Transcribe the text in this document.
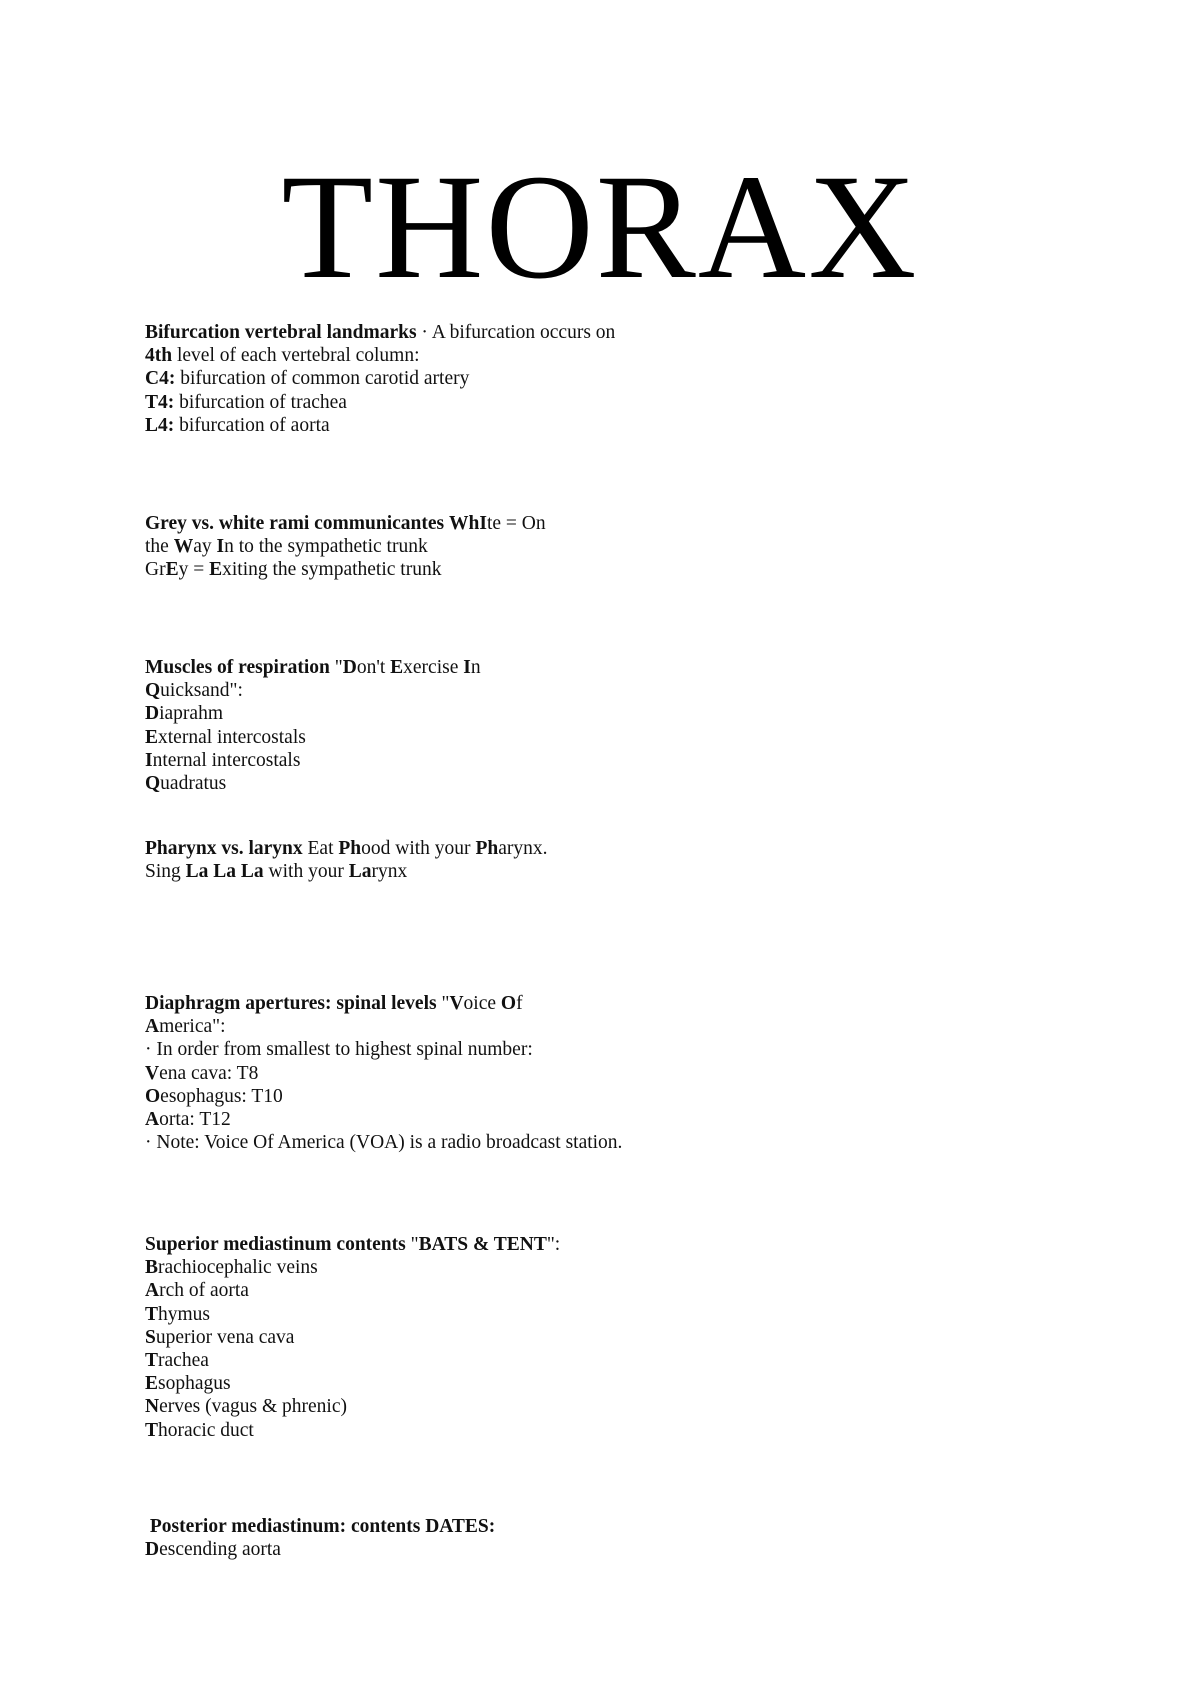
THORAX
Bifurcation vertebral landmarks · A bifurcation occurs on
4th level of each vertebral column:
C4: bifurcation of common carotid artery
T4: bifurcation of trachea
L4: bifurcation of aorta
Grey vs. white rami communicantes WhIte = On
the Way In to the sympathetic trunk
GrEy = Exiting the sympathetic trunk
Muscles of respiration "Don't Exercise In
Quicksand":
Diaprahm
External intercostals
Internal intercostals
Quadratus
Pharynx vs. larynx Eat Phood with your Pharynx.
Sing La La La with your Larynx
Diaphragm apertures: spinal levels "Voice Of
America":
· In order from smallest to highest spinal number:
Vena cava: T8
Oesophagus: T10
Aorta: T12
· Note: Voice Of America (VOA) is a radio broadcast station.
Superior mediastinum contents "BATS & TENT":
Brachiocephalic veins
Arch of aorta
Thymus
Superior vena cava
Trachea
Esophagus
Nerves (vagus & phrenic)
Thoracic duct
Posterior mediastinum: contents DATES:
Descending aorta
